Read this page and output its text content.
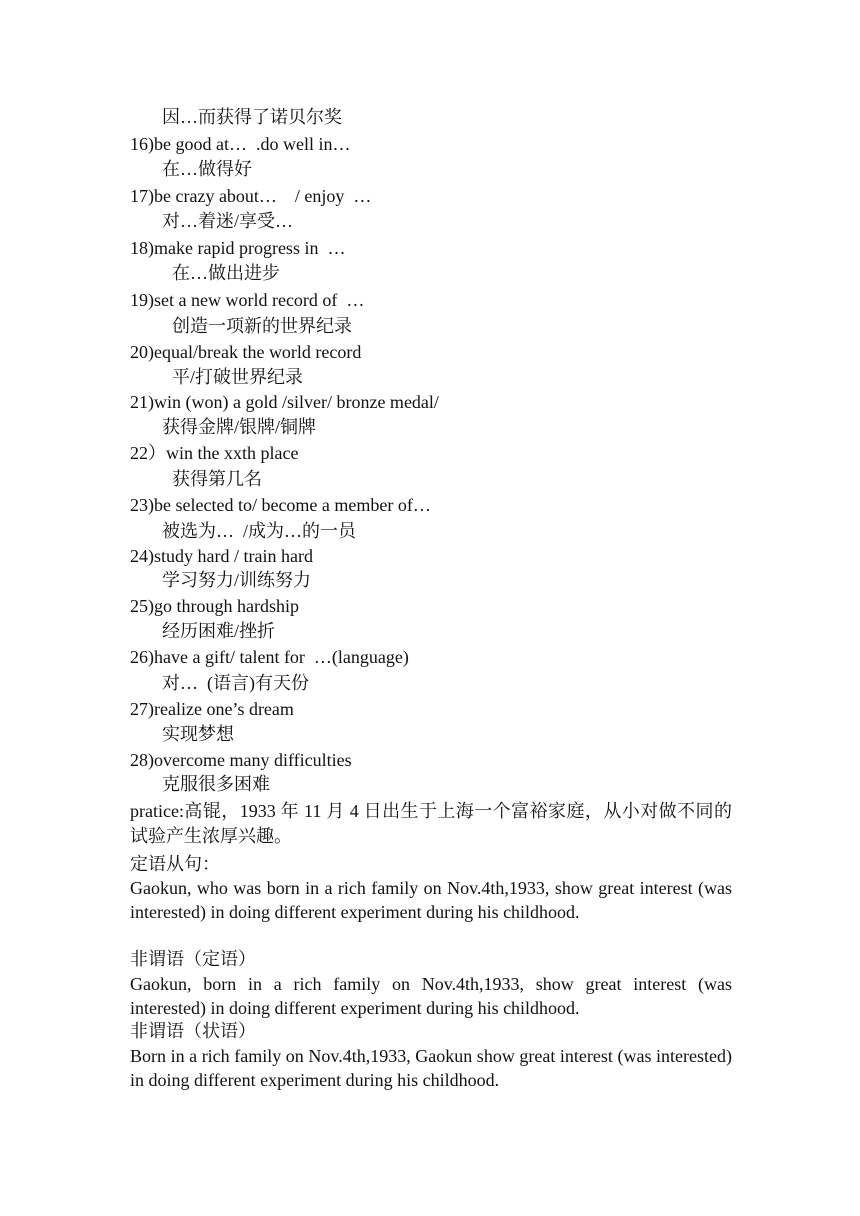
因…而获得了诺贝尔奖
16)be good at…  .do well in…
在…做得好
17)be crazy about…    / enjoy  …
对…着迷/享受…
18)make rapid progress in  …
在…做出进步
19)set a new world record of  …
创造一项新的世界纪录
20)equal/break the world record
平/打破世界纪录
21)win (won) a gold /silver/ bronze medal/
获得金牌/银牌/铜牌
22）win the xxth place
获得第几名
23)be selected to/ become a member of…
被选为…  /成为…的一员
24)study hard / train hard
学习努力/训练努力
25)go through hardship
经历困难/挫折
26)have a gift/ talent for  …(language)
对…  (语言)有天份
27)realize one’s dream
实现梦想
28)overcome many difficulties
克服很多困难
pratice:高锟，1933 年 11 月 4 日出生于上海一个富裕家庭，从小对做不同的试验产生浓厚兴趣。
定语从句：
Gaokun, who was born in a rich family on Nov.4th,1933, show great interest (was interested) in doing different experiment during his childhood.
非谓语（定语）
Gaokun, born in a rich family on Nov.4th,1933, show great interest (was interested) in doing different experiment during his childhood.
非谓语（状语）
Born in a rich family on Nov.4th,1933, Gaokun show great interest (was interested) in doing different experiment during his childhood.
